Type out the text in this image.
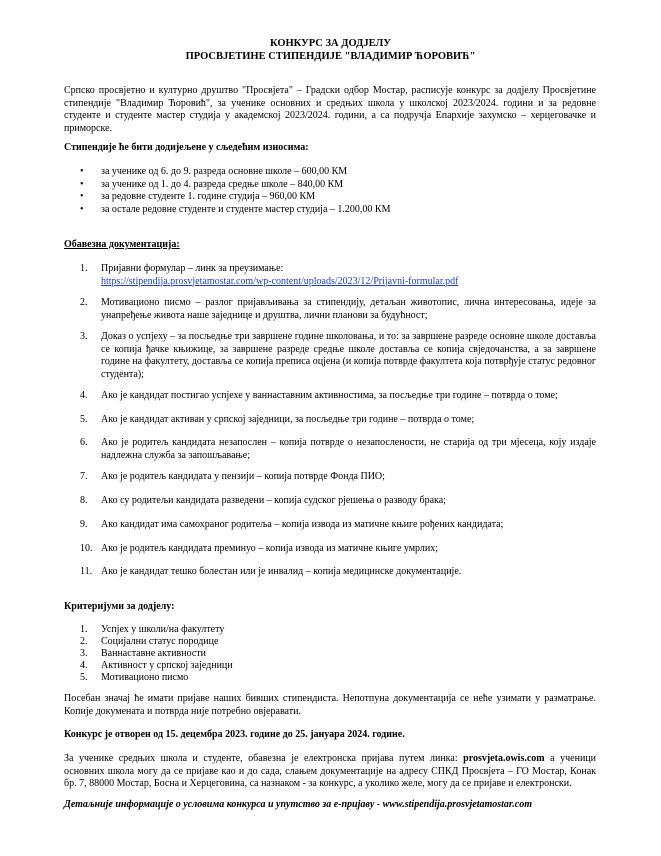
КОНКУРС ЗА ДОДЈЕЛУ
ПРОСВЈЕТИНЕ СТИПЕНДИЈЕ "ВЛАДИМИР ЋОРОВИЋ"

Српско просвјетно и културно друштво "Просвјета" – Градски одбор Мостар, расписује конкурс за додјелу Просвјетине стипендије "Владимир Ћоровић", за ученике основних и средњих школа у школској 2023/2024. години и за редовне студенте и студенте мастер студија у академској 2023/2024. години, а са подручја Епархије захумско – херцеговачке и приморске.

Стипендије ће бити додијељене у сљедећим износима:

• за ученике од 6. до 9. разреда основне школе – 600,00 КМ
• за ученике од 1. до 4. разреда средње школе – 840,00 КМ
• за редовне студенте 1. године студија – 960,00 КМ
• за остале редовне студенте и студенте мастер студија – 1.200,00 КМ

Обавезна документација:

1.	Пријавни формулар – линк за преузимање:
https://stipendija.prosvjetamostar.com/wp-content/uploads/2023/12/Prijavni-formular.pdf
2.	Мотивационо писмо – разлог пријављивања за стипендију, детаљан животопис, лична интересовања, идеје за унапређење живота наше заједнице и друштва, лични планови за будућност;
3.	Доказ о успјеху – за посљедње три завршене године школовања, и то: за завршене разреде основне школе доставља се копија ђачке књижице, за завршене разреде средње школе доставља се копија свједочанства, а за завршене године на факултету, доставља се копија преписа оцјена (и копија потврде факултета која потврђује статус редовног студента);
4.	Ако је кандидат постигао успјехе у ваннаставним активностима, за посљедње три године – потврда о томе;
5.	Ако је кандидат активан у српској заједници, за посљедње три године – потврда о томе;
6.	Ако је родитељ кандидата незапослен – копија потврде о незапослености, не старија од три мјесеца, коју издаје надлежна служба за запошљавање;
7.	Ако је родитељ кандидата у пензији – копија потврде Фонда ПИО;
8.	Ако су родитељи кандидата разведени – копија судског рјешења о разводу брака;
9.	Ако кандидат има самохраног родитеља – копија извода из матичне књиге рођених кандидата;
10. Ако је родитељ кандидата преминуо – копија извода из матичне књиге умрлих;
11. Ако је кандидат тешко болестан или је инвалид – копија медицинске документације.

Критеријуми за додјелу:

1. Успјех у школи/на факултету
2. Социјални статус породице
3. Ваннаставне активности
4. Активност у српској заједници
5. Мотивационо писмо

Посебан значај ће имати пријаве наших бивших стипендиста. Непотпуна документација се неће узимати у разматрање. Копије докумената и потврда није потребно овјеравати.

Конкурс је отворен од 15. децембра 2023. године до 25. јануара 2024. године.

За ученике средњих школа и студенте, обавезна је електронска пријава путем линка: prosvjeta.owis.com а ученици основних школа могу да се пријаве као и до сада, слањем документације на адресу СПКД Просвјета – ГО Мостар, Конак бр. 7, 88000 Мостар, Босна и Херцеговина, са назнаком - за конкурс, а уколико желе, могу да се пријаве и електронски.

Детаљније информације о условима конкурса и упутство за е-пријаву - www.stipendija.prosvjetamostar.com
